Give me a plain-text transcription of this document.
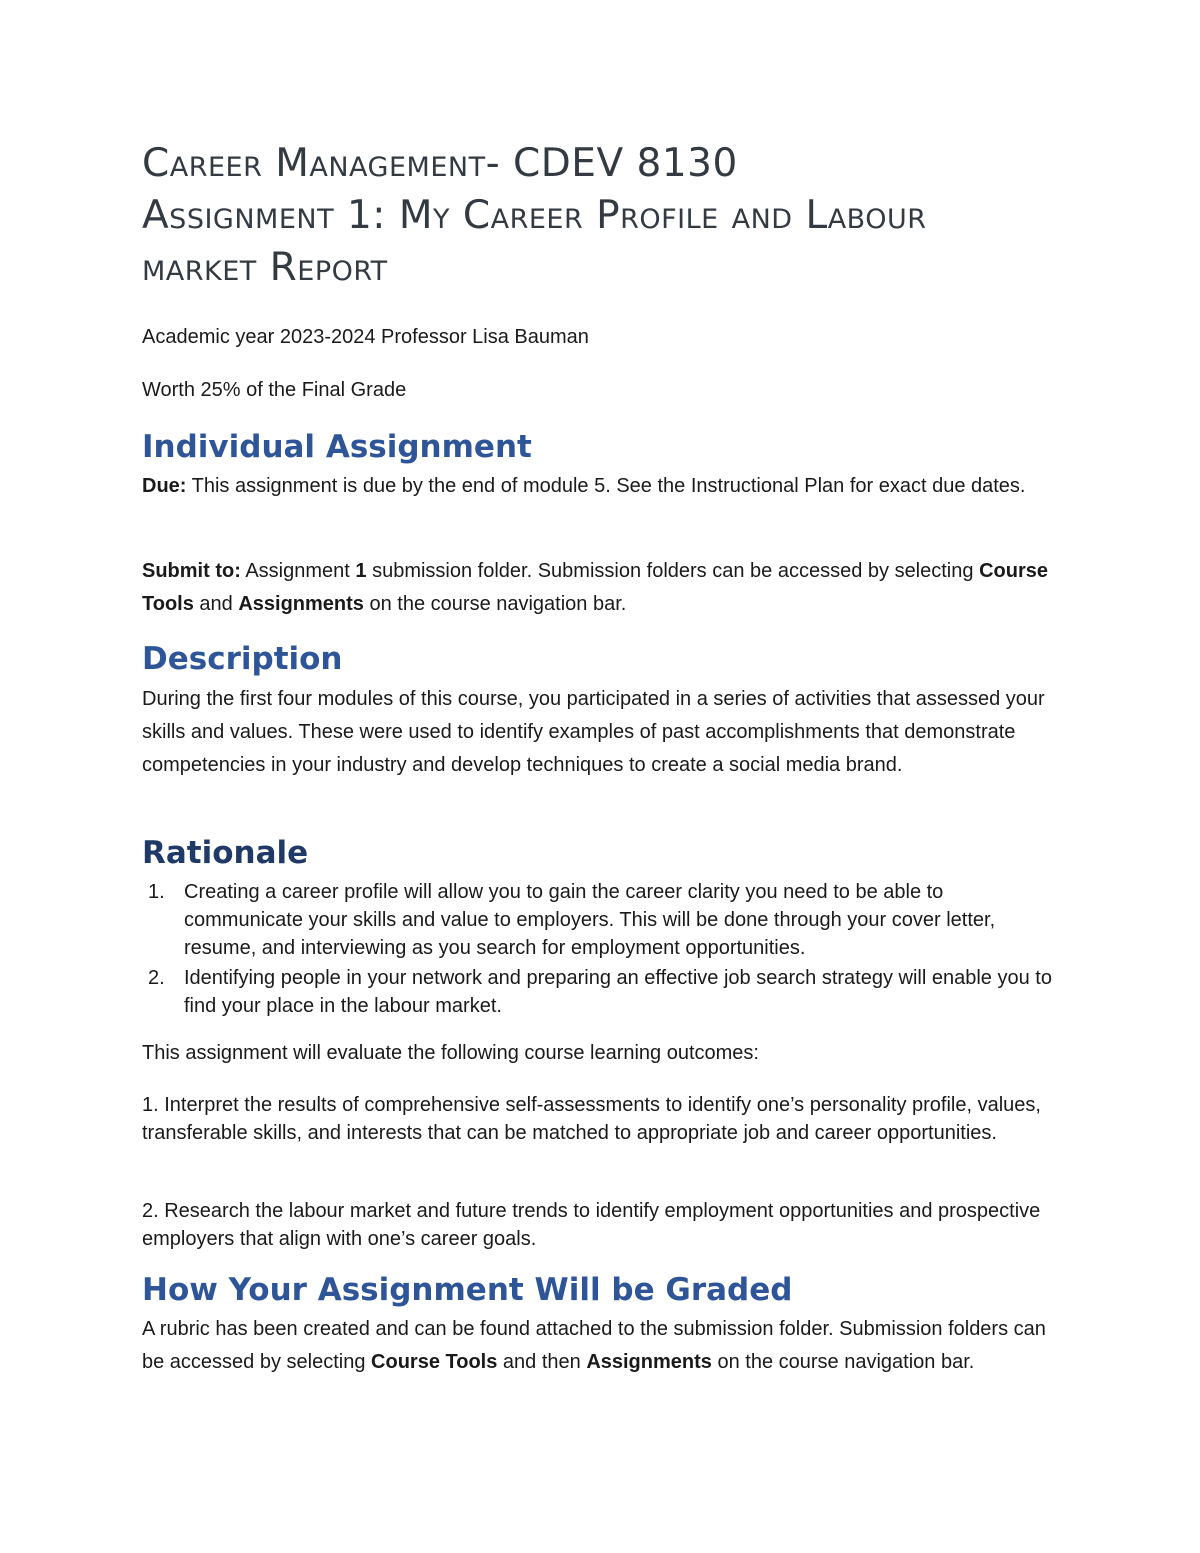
Career Management- CDEV 8130
Assignment 1: My Career Profile and Labour
market Report

Academic year 2023-2024 Professor Lisa Bauman

Worth 25% of the Final Grade

Individual Assignment

Due: This assignment is due by the end of module 5. See the Instructional Plan for exact due dates.

Submit to: Assignment 1 submission folder. Submission folders can be accessed by selecting Course Tools and Assignments on the course navigation bar.

Description

During the first four modules of this course, you participated in a series of activities that assessed your skills and values. These were used to identify examples of past accomplishments that demonstrate competencies in your industry and develop techniques to create a social media brand.

Rationale
1. Creating a career profile will allow you to gain the career clarity you need to be able to communicate your skills and value to employers. This will be done through your cover letter, resume, and interviewing as you search for employment opportunities.
2. Identifying people in your network and preparing an effective job search strategy will enable you to find your place in the labour market.

This assignment will evaluate the following course learning outcomes:

1. Interpret the results of comprehensive self-assessments to identify one’s personality profile, values, transferable skills, and interests that can be matched to appropriate job and career opportunities.

2. Research the labour market and future trends to identify employment opportunities and prospective employers that align with one’s career goals.

How Your Assignment Will be Graded

A rubric has been created and can be found attached to the submission folder. Submission folders can be accessed by selecting Course Tools and then Assignments on the course navigation bar.
